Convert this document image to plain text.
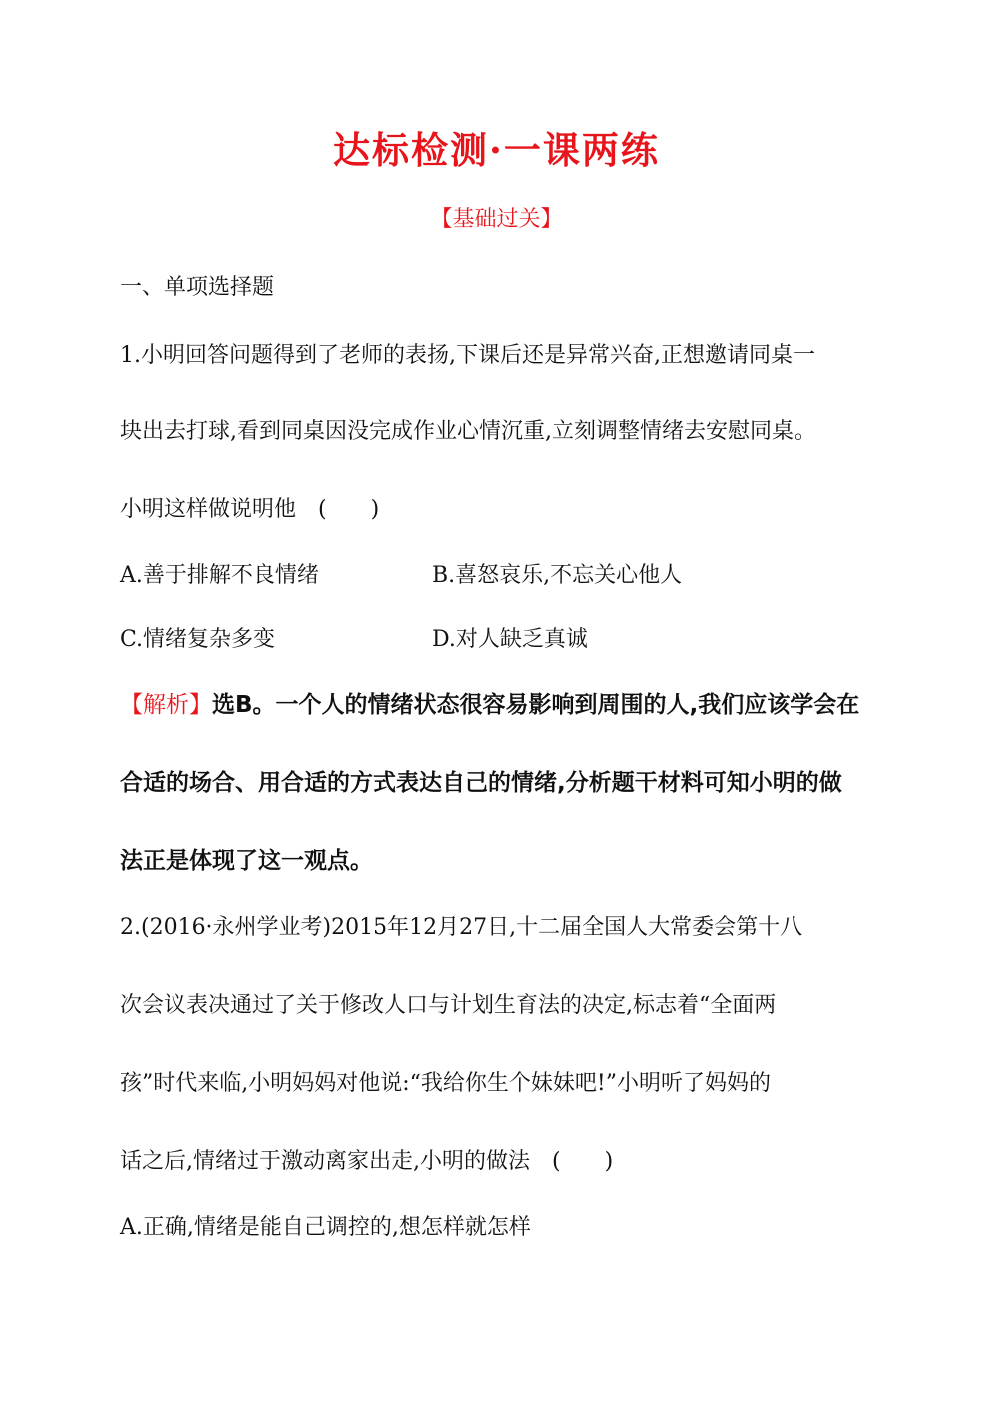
达标检测·一课两练
【基础过关】
一、单项选择题
1.小明回答问题得到了老师的表扬,下课后还是异常兴奋,正想邀请同桌一
块出去打球,看到同桌因没完成作业心情沉重,立刻调整情绪去安慰同桌。
小明这样做说明他　(　　)
A.善于排解不良情绪	B.喜怒哀乐,不忘关心他人
C.情绪复杂多变	D.对人缺乏真诚
【解析】选B。一个人的情绪状态很容易影响到周围的人,我们应该学会在
合适的场合、用合适的方式表达自己的情绪,分析题干材料可知小明的做
法正是体现了这一观点。
2.(2016·永州学业考)2015年12月27日,十二届全国人大常委会第十八
次会议表决通过了关于修改人口与计划生育法的决定,标志着“全面两
孩”时代来临,小明妈妈对他说:“我给你生个妹妹吧!”小明听了妈妈的
话之后,情绪过于激动离家出走,小明的做法　(　　)
A.正确,情绪是能自己调控的,想怎样就怎样
